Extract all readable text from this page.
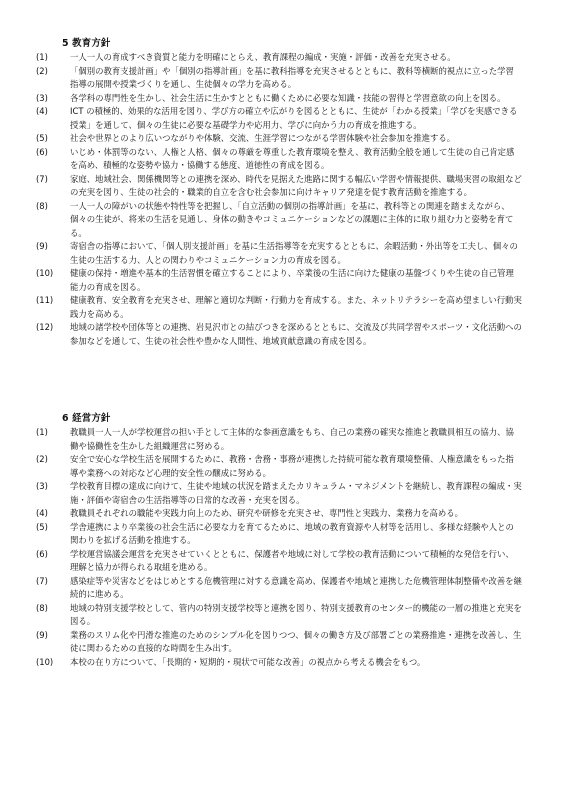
5 教育方針
(1)	一人一人の育成すべき資質と能力を明確にとらえ、教育課程の編成・実施・評価・改善を充実させる。
(2)	「個別の教育支援計画」や「個別の指導計画」を基に教科指導を充実させるとともに、教科等横断的視点に立った学習指導の展開や授業づくりを通し、生徒個々の学力を高める。
(3)	各学科の専門性を生かし、社会生活に生かすとともに働くために必要な知識・技能の習得と学習意欲の向上を図る。
(4)	ICT の積極的、効果的な活用を図り、学び方の確立や広がりを図るとともに、生徒が「わかる授業」「学びを実感できる授業」を通して、個々の生徒に必要な基礎学力や応用力、学びに向かう力の育成を推進する。
(5)	社会や世界とのより広いつながりや体験、交流、生涯学習につながる学習体験や社会参加を推進する。
(6)	いじめ・体罰等のない、人権と人格、個々の尊厳を尊重した教育環境を整え、教育活動全般を通して生徒の自己肯定感を高め、積極的な姿勢や協力・協働する態度、道徳性の育成を図る。
(7)	家庭、地域社会、関係機関等との連携を深め、時代を見据えた進路に関する幅広い学習や情報提供、職場実習の取組などの充実を図り、生徒の社会的・職業的自立を含む社会参加に向けキャリア発達を促す教育活動を推進する。
(8)	一人一人の障がいの状態や特性等を把握し、「自立活動の個別の指導計画」を基に、教科等との関連を踏まえながら、個々の生徒が、将来の生活を見通し、身体の動きやコミュニケーションなどの課題に主体的に取り組む力と姿勢を育てる。
(9)	寄宿舎の指導において、「個人別支援計画」を基に生活指導等を充実するとともに、余暇活動・外出等を工夫し、個々の生徒の生活する力、人との関わりやコミュニケーション力の育成を図る。
(10)	健康の保持・増進や基本的生活習慣を確立することにより、卒業後の生活に向けた健康の基盤づくりや生徒の自己管理能力の育成を図る。
(11)	健康教育、安全教育を充実させ、理解と適切な判断・行動力を育成する。また、ネットリテラシーを高め望ましい行動実践力を高める。
(12)	地域の諸学校や団体等との連携、岩見沢市との結びつきを深めるとともに、交流及び共同学習やスポーツ・文化活動への参加などを通して、生徒の社会性や豊かな人間性、地域貢献意識の育成を図る。
6 経営方針
(1)	教職員一人一人が学校運営の担い手として主体的な参画意識をもち、自己の業務の確実な推進と教職員相互の協力、協働や協働性を生かした組織運営に努める。
(2)	安全で安心な学校生活を展開するために、教務・舎務・事務が連携した持続可能な教育環境整備、人権意識をもった指導や業務への対応など心理的安全性の醸成に努める。
(3)	学校教育目標の達成に向けて、生徒や地域の状況を踏まえたカリキュラム・マネジメントを継続し、教育課程の編成・実施・評価や寄宿舎の生活指導等の日常的な改善・充実を図る。
(4)	教職員それぞれの職能や実践力向上のため、研究や研修を充実させ、専門性と実践力、業務力を高める。
(5)	学舎連携により卒業後の社会生活に必要な力を育てるために、地域の教育資源や人材等を活用し、多様な経験や人との関わりを拡げる活動を推進する。
(6)	学校運営協議会運営を充実させていくとともに、保護者や地域に対して学校の教育活動について積極的な発信を行い、理解と協力が得られる取組を進める。
(7)	感染症等や災害などをはじめとする危機管理に対する意識を高め、保護者や地域と連携した危機管理体制整備や改善を継続的に進める。
(8)	地域の特別支援学校として、管内の特別支援学校等と連携を図り、特別支援教育のセンター的機能の一層の推進と充実を図る。
(9)	業務のスリム化や円滑な推進のためのシンプル化を図りつつ、個々の働き方及び部署ごとの業務推進・連携を改善し、生徒に関わるための直接的な時間を生み出す。
(10)	本校の在り方について、「長期的・短期的・現状で可能な改善」の視点から考える機会をもつ。
